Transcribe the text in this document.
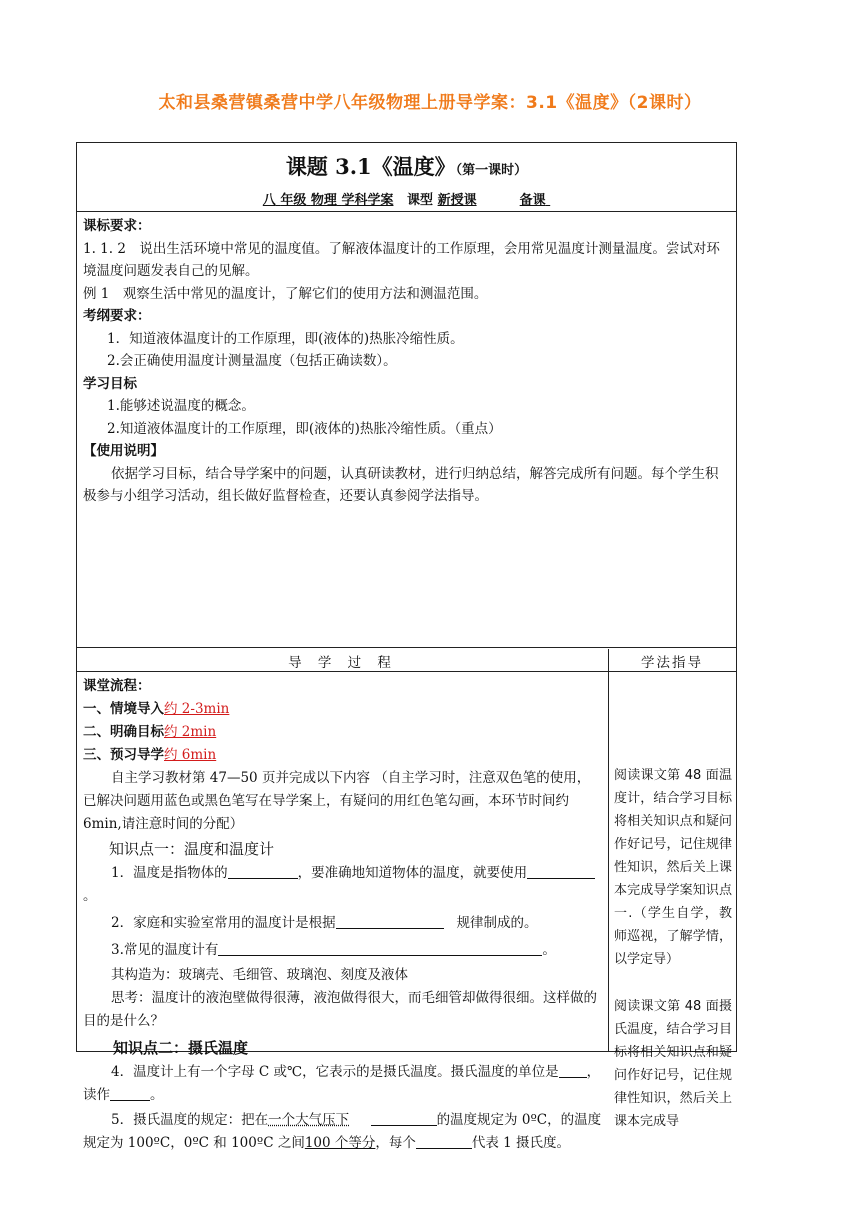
太和县桑营镇桑营中学八年级物理上册导学案：3.1《温度》（2课时）
课题 3.1《温度》（第一课时）
八 年级 物理 学科学案 课型 新授课	备课

课标要求：

1. 1. 2　说出生活环境中常见的温度值。了解液体温度计的工作原理，会用常见温度计测量温度。尝试对环境温度问题发表自己的见解。

例 1　观察生活中常见的温度计，了解它们的使用方法和测温范围。

考纲要求：

1．知道液体温度计的工作原理，即(液体的)热胀冷缩性质。

2.会正确使用温度计测量温度（包括正确读数）。

学习目标

1.能够述说温度的概念。

2.知道液体温度计的工作原理，即(液体的)热胀冷缩性质。（重点）

【使用说明】

依据学习目标，结合导学案中的问题，认真研读教材，进行归纳总结，解答完成所有问题。每个学生积极参与小组学习活动，组长做好监督检查，还要认真参阅学法指导。

导 学 过 程	学法指导

课堂流程：

一、情境导入约 2-3min

二、明确目标约 2min

三、预习导学约 6min

自主学习教材第 47—50 页并完成以下内容 （自主学习时，注意双色笔的使用，已解决问题用蓝色或黑色笔写在导学案上，有疑问的用红色笔勾画，本环节时间约 6min,请注意时间的分配）

知识点一：温度和温度计

1．温度是指物体的	，要准确地知道物体的温度，就要使用。

2．家庭和实验室常用的温度计是根据	规律制成的。

3.常见的温度计有	。

其构造为：玻璃壳、毛细管、玻璃泡、刻度及液体

思考：温度计的液泡壁做得很薄，液泡做得很大，而毛细管却做得很细。这样做的目的是什么？

知识点二：摄氏温度

4．温度计上有一个字母 C 或℃，它表示的是摄氏温度。摄氏温度的单位是 ，读作	。

5．摄氏温度的规定：把在一个大气压下	的温度规定为 0ºC，的温度规定为 100ºC，0ºC 和 100ºC 之间100 个等分，每个	代表 1 摄氏度。

阅读课文第 48 面温度计，结合学习目标将相关知识点和疑问作好记号，记住规律性知识，然后关上课本完成导学案知识点一.（学生自学，教师巡视，了解学情，以学定导）

阅读课文第 48 面摄氏温度，结合学习目标将相关知识点和疑问作好记号，记住规律性知识，然后关上课本完成导
